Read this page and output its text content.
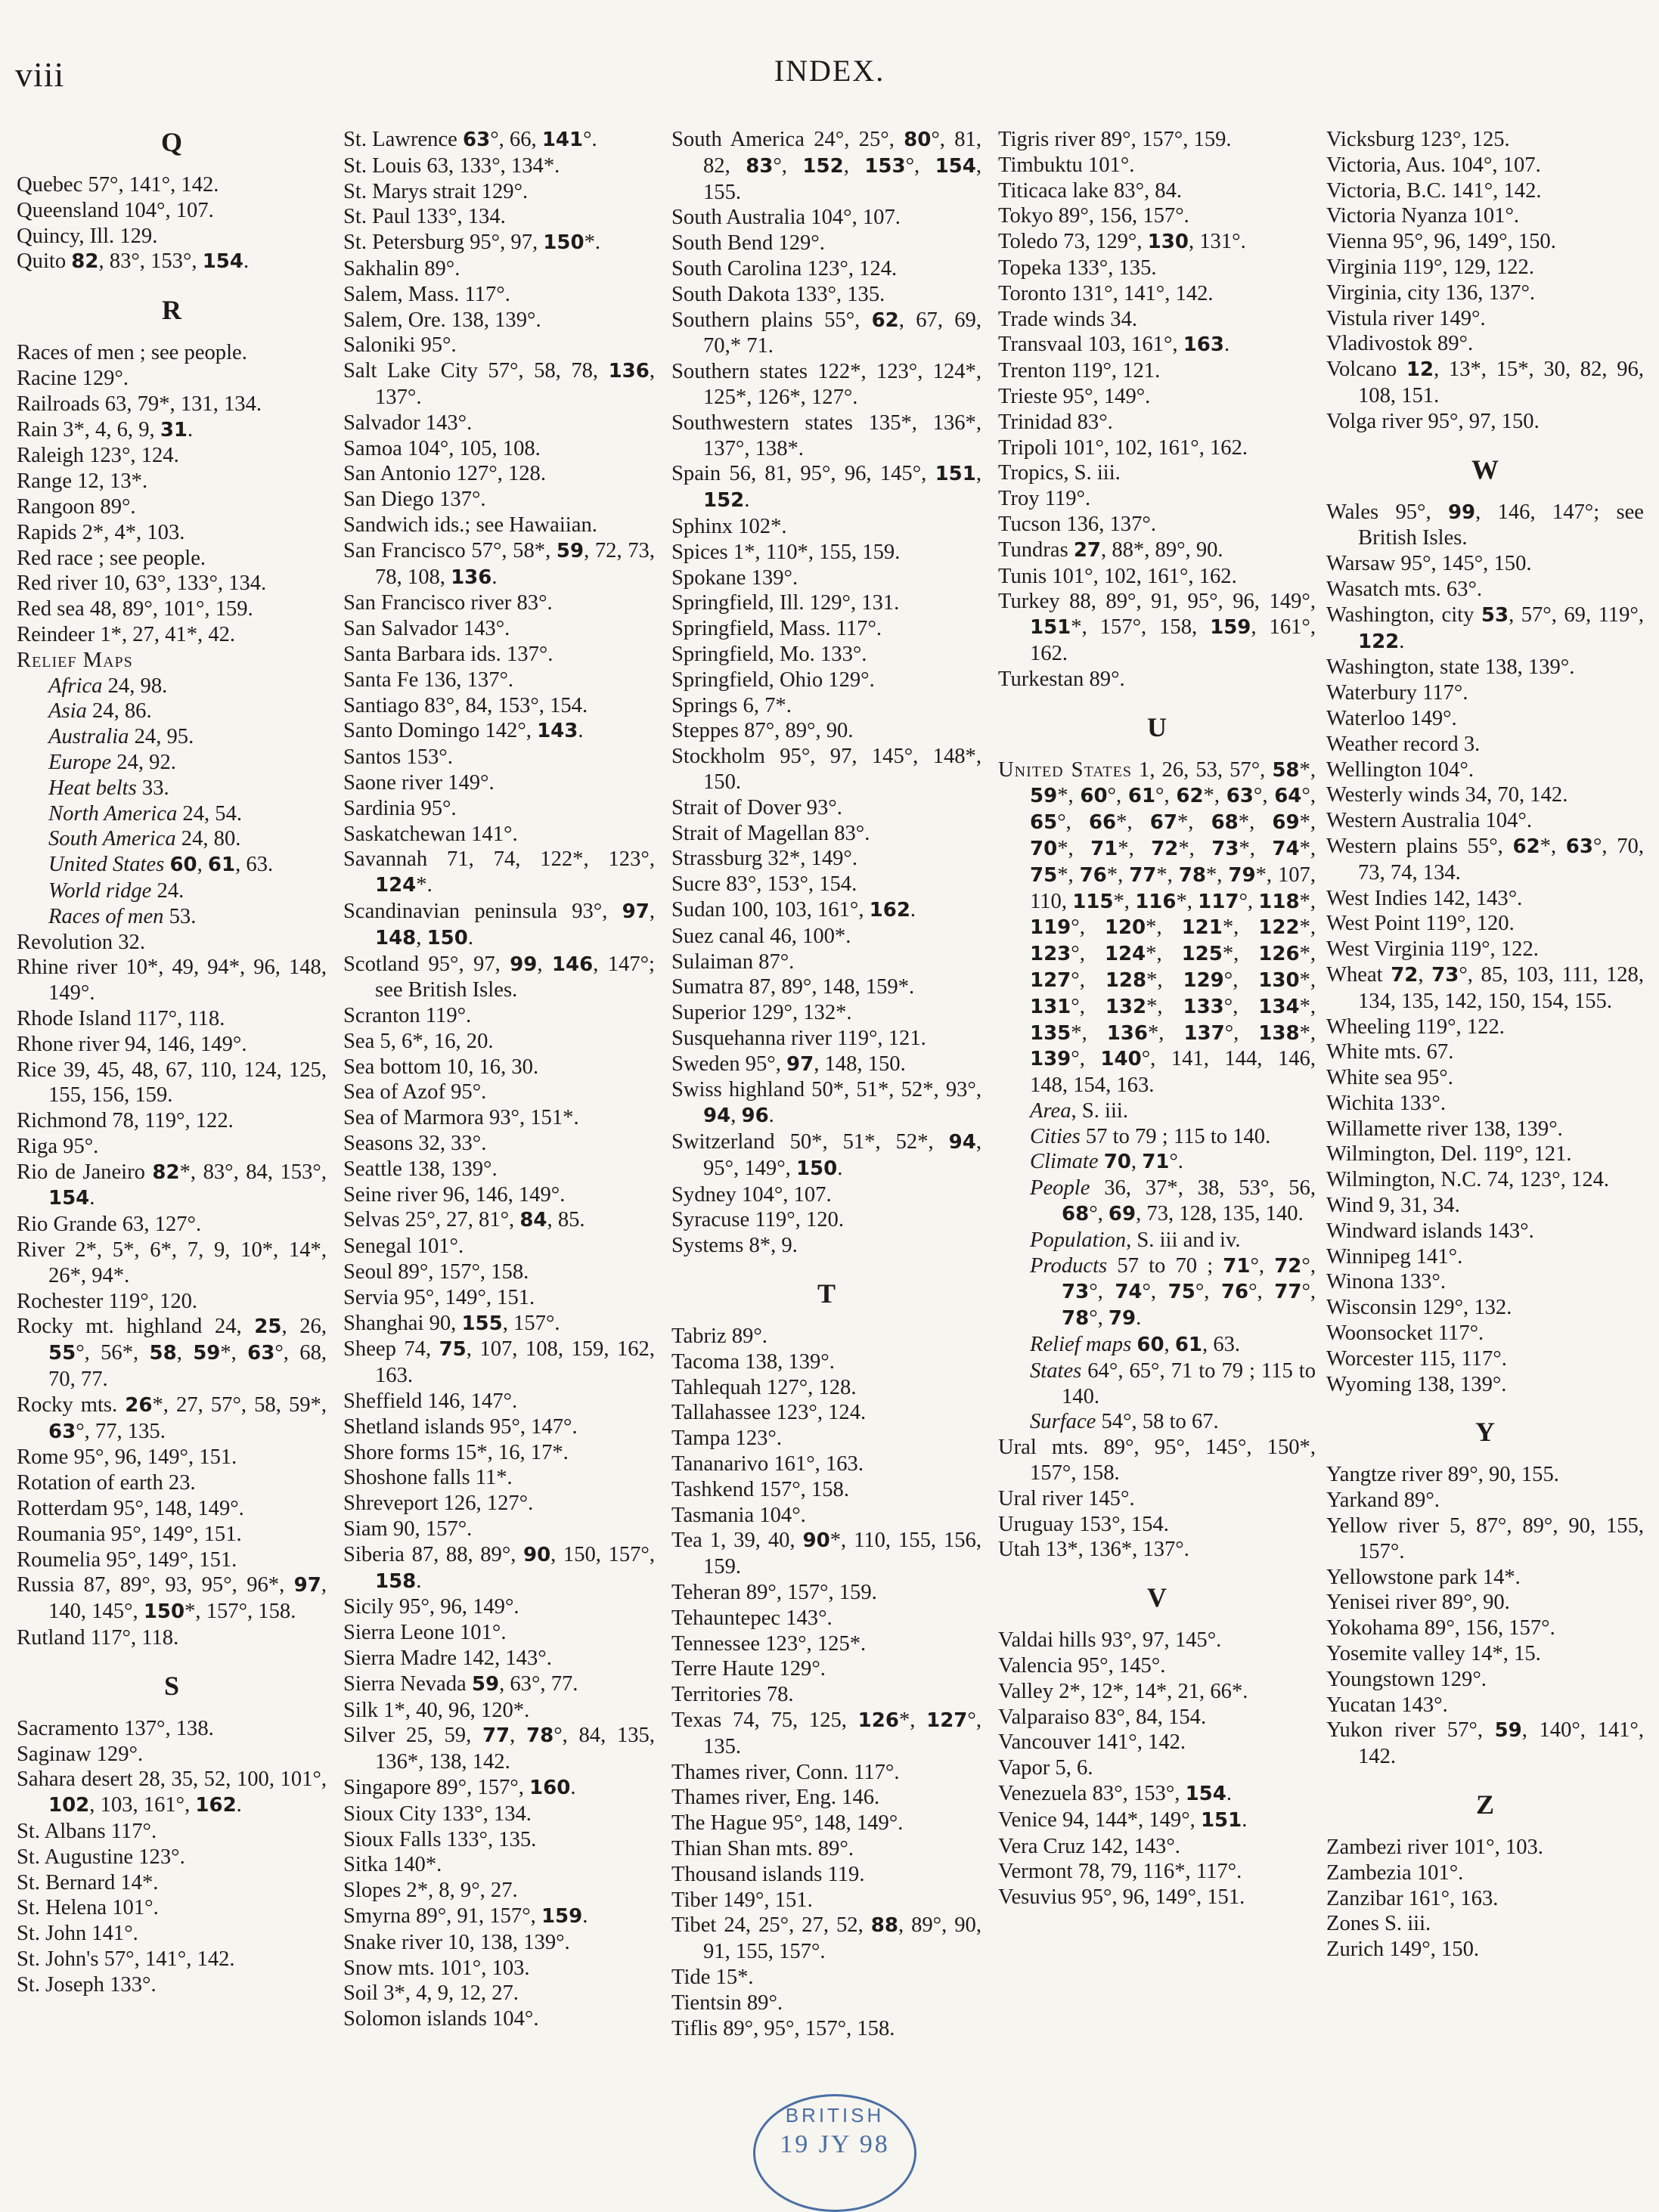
viii	INDEX.
Q
Quebec 57°, 141°, 142.
Queensland 104°, 107.
Quincy, Ill. 129.
Quito 82, 83°, 153°, 154.
R
Races of men ; see people.
Racine 129°.
Railroads 63, 79*, 131, 134.
Rain 3*, 4, 6, 9, 31.
Raleigh 123°, 124.
Range 12, 13*.
Rangoon 89°.
Rapids 2*, 4*, 103.
Red race ; see people.
Red river 10, 63°, 133°, 134.
Red sea 48, 89°, 101°, 159.
Reindeer 1*, 27, 41*, 42.
Relief Maps
Africa 24, 98.
Asia 24, 86.
Australia 24, 95.
Europe 24, 92.
Heat belts 33.
North America 24, 54.
South America 24, 80.
United States 60, 61, 63.
World ridge 24.
Races of men 53.
Revolution 32.
Rhine river 10*, 49, 94*, 96, 148, 149°.
Rhode Island 117°, 118.
Rhone river 94, 146, 149°.
Rice 39, 45, 48, 67, 110, 124, 125, 155, 156, 159.
Richmond 78, 119°, 122.
Riga 95°.
Rio de Janeiro 82*, 83°, 84, 153°, 154.
Rio Grande 63, 127°.
River 2*, 5*, 6*, 7, 9, 10*, 14*, 26*, 94*.
Rochester 119°, 120.
Rocky mt. highland 24, 25, 26, 55°, 56*, 58, 59*, 63°, 68, 70, 77.
Rocky mts. 26*, 27, 57°, 58, 59*, 63°, 77, 135.
Rome 95°, 96, 149°, 151.
Rotation of earth 23.
Rotterdam 95°, 148, 149°.
Roumania 95°, 149°, 151.
Roumelia 95°, 149°, 151.
Russia 87, 89°, 93, 95°, 96*, 97, 140, 145°, 150*, 157°, 158.
Rutland 117°, 118.
S
Sacramento 137°, 138.
Saginaw 129°.
Sahara desert 28, 35, 52, 100, 101°, 102, 103, 161°, 162.
St. Albans 117°.
St. Augustine 123°.
St. Bernard 14*.
St. Helena 101°.
St. John 141°.
St. John's 57°, 141°, 142.
St. Joseph 133°.
St. Lawrence 63°, 66, 141°.
St. Louis 63, 133°, 134*.
St. Marys strait 129°.
St. Paul 133°, 134.
St. Petersburg 95°, 97, 150*.
Sakhalin 89°.
Salem, Mass. 117°.
Salem, Ore. 138, 139°.
Saloniki 95°.
Salt Lake City 57°, 58, 78, 136, 137°.
Salvador 143°.
Samoa 104°, 105, 108.
San Antonio 127°, 128.
San Diego 137°.
Sandwich ids.; see Hawaiian.
San Francisco 57°, 58*, 59, 72, 73, 78, 108, 136.
San Francisco river 83°.
San Salvador 143°.
Santa Barbara ids. 137°.
Santa Fe 136, 137°.
Santiago 83°, 84, 153°, 154.
Santo Domingo 142°, 143.
Santos 153°.
Saone river 149°.
Sardinia 95°.
Saskatchewan 141°.
Savannah 71, 74, 122*, 123°, 124*.
Scandinavian peninsula 93°, 97, 148, 150.
Scotland 95°, 97, 99, 146, 147°; see British Isles.
Scranton 119°.
Sea 5, 6*, 16, 20.
Sea bottom 10, 16, 30.
Sea of Azof 95°.
Sea of Marmora 93°, 151*.
Seasons 32, 33°.
Seattle 138, 139°.
Seine river 96, 146, 149°.
Selvas 25°, 27, 81°, 84, 85.
Senegal 101°.
Seoul 89°, 157°, 158.
Servia 95°, 149°, 151.
Shanghai 90, 155, 157°.
Sheep 74, 75, 107, 108, 159, 162, 163.
Sheffield 146, 147°.
Shetland islands 95°, 147°.
Shore forms 15*, 16, 17*.
Shoshone falls 11*.
Shreveport 126, 127°.
Siam 90, 157°.
Siberia 87, 88, 89°, 90, 150, 157°, 158.
Sicily 95°, 96, 149°.
Sierra Leone 101°.
Sierra Madre 142, 143°.
Sierra Nevada 59, 63°, 77.
Silk 1*, 40, 96, 120*.
Silver 25, 59, 77, 78°, 84, 135, 136*, 138, 142.
Singapore 89°, 157°, 160.
Sioux City 133°, 134.
Sioux Falls 133°, 135.
Sitka 140*.
Slopes 2*, 8, 9°, 27.
Smyrna 89°, 91, 157°, 159.
Snake river 10, 138, 139°.
Snow mts. 101°, 103.
Soil 3*, 4, 9, 12, 27.
Solomon islands 104°.
South America 24°, 25°, 80°, 81, 82, 83°, 152, 153°, 154, 155.
South Australia 104°, 107.
South Bend 129°.
South Carolina 123°, 124.
South Dakota 133°, 135.
Southern plains 55°, 62, 67, 69, 70,* 71.
Southern states 122*, 123°, 124*, 125*, 126*, 127°.
Southwestern states 135*, 136*, 137°, 138*.
Spain 56, 81, 95°, 96, 145°, 151, 152.
Sphinx 102*.
Spices 1*, 110*, 155, 159.
Spokane 139°.
Springfield, Ill. 129°, 131.
Springfield, Mass. 117°.
Springfield, Mo. 133°.
Springfield, Ohio 129°.
Springs 6, 7*.
Steppes 87°, 89°, 90.
Stockholm 95°, 97, 145°, 148*, 150.
Strait of Dover 93°.
Strait of Magellan 83°.
Strassburg 32*, 149°.
Sucre 83°, 153°, 154.
Sudan 100, 103, 161°, 162.
Suez canal 46, 100*.
Sulaiman 87°.
Sumatra 87, 89°, 148, 159*.
Superior 129°, 132*.
Susquehanna river 119°, 121.
Sweden 95°, 97, 148, 150.
Swiss highland 50*, 51*, 52*, 93°, 94, 96.
Switzerland 50*, 51*, 52*, 94, 95°, 149°, 150.
Sydney 104°, 107.
Syracuse 119°, 120.
Systems 8*, 9.
T
Tabriz 89°.
Tacoma 138, 139°.
Tahlequah 127°, 128.
Tallahassee 123°, 124.
Tampa 123°.
Tananarivo 161°, 163.
Tashkend 157°, 158.
Tasmania 104°.
Tea 1, 39, 40, 90*, 110, 155, 156, 159.
Teheran 89°, 157°, 159.
Tehauntepec 143°.
Tennessee 123°, 125*.
Terre Haute 129°.
Territories 78.
Texas 74, 75, 125, 126*, 127°, 135.
Thames river, Conn. 117°.
Thames river, Eng. 146.
The Hague 95°, 148, 149°.
Thian Shan mts. 89°.
Thousand islands 119.
Tiber 149°, 151.
Tibet 24, 25°, 27, 52, 88, 89°, 90, 91, 155, 157°.
Tide 15*.
Tientsin 89°.
Tiflis 89°, 95°, 157°, 158.
Tigris river 89°, 157°, 159.
Timbuktu 101°.
Titicaca lake 83°, 84.
Tokyo 89°, 156, 157°.
Toledo 73, 129°, 130, 131°.
Topeka 133°, 135.
Toronto 131°, 141°, 142.
Trade winds 34.
Transvaal 103, 161°, 163.
Trenton 119°, 121.
Trieste 95°, 149°.
Trinidad 83°.
Tripoli 101°, 102, 161°, 162.
Tropics, S. iii.
Troy 119°.
Tucson 136, 137°.
Tundras 27, 88*, 89°, 90.
Tunis 101°, 102, 161°, 162.
Turkey 88, 89°, 91, 95°, 96, 149°, 151*, 157°, 158, 159, 161°, 162.
Turkestan 89°.
U
United States 1, 26, 53, 57°, 58*, 59*, 60°, 61°, 62*, 63°, 64°, 65°, 66*, 67*, 68*, 69*, 70*, 71*, 72*, 73*, 74*, 75*, 76*, 77*, 78*, 79*, 107, 110, 115*, 116*, 117°, 118*, 119°, 120*, 121*, 122*, 123°, 124*, 125*, 126*, 127°, 128*, 129°, 130*, 131°, 132*, 133°, 134*, 135*, 136*, 137°, 138*, 139°, 140°, 141, 144, 146, 148, 154, 163.
Area, S. iii.
Cities 57 to 79 ; 115 to 140.
Climate 70, 71°.
People 36, 37*, 38, 53°, 56, 68°, 69, 73, 128, 135, 140.
Population, S. iii and iv.
Products 57 to 70 ; 71°, 72°, 73°, 74°, 75°, 76°, 77°, 78°, 79.
Relief maps 60, 61, 63.
States 64°, 65°, 71 to 79 ; 115 to 140.
Surface 54°, 58 to 67.
Ural mts. 89°, 95°, 145°, 150*, 157°, 158.
Ural river 145°.
Uruguay 153°, 154.
Utah 13*, 136*, 137°.
V
Valdai hills 93°, 97, 145°.
Valencia 95°, 145°.
Valley 2*, 12*, 14*, 21, 66*.
Valparaiso 83°, 84, 154.
Vancouver 141°, 142.
Vapor 5, 6.
Venezuela 83°, 153°, 154.
Venice 94, 144*, 149°, 151.
Vera Cruz 142, 143°.
Vermont 78, 79, 116*, 117°.
Vesuvius 95°, 96, 149°, 151.
Vicksburg 123°, 125.
Victoria, Aus. 104°, 107.
Victoria, B.C. 141°, 142.
Victoria Nyanza 101°.
Vienna 95°, 96, 149°, 150.
Virginia 119°, 129, 122.
Virginia, city 136, 137°.
Vistula river 149°.
Vladivostok 89°.
Volcano 12, 13*, 15*, 30, 82, 96, 108, 151.
Volga river 95°, 97, 150.
W
Wales 95°, 99, 146, 147°; see British Isles.
Warsaw 95°, 145°, 150.
Wasatch mts. 63°.
Washington, city 53, 57°, 69, 119°, 122.
Washington, state 138, 139°.
Waterbury 117°.
Waterloo 149°.
Weather record 3.
Wellington 104°.
Westerly winds 34, 70, 142.
Western Australia 104°.
Western plains 55°, 62*, 63°, 70, 73, 74, 134.
West Indies 142, 143°.
West Point 119°, 120.
West Virginia 119°, 122.
Wheat 72, 73°, 85, 103, 111, 128, 134, 135, 142, 150, 154, 155.
Wheeling 119°, 122.
White mts. 67.
White sea 95°.
Wichita 133°.
Willamette river 138, 139°.
Wilmington, Del. 119°, 121.
Wilmington, N.C. 74, 123°, 124.
Wind 9, 31, 34.
Windward islands 143°.
Winnipeg 141°.
Winona 133°.
Wisconsin 129°, 132.
Woonsocket 117°.
Worcester 115, 117°.
Wyoming 138, 139°.
Y
Yangtze river 89°, 90, 155.
Yarkand 89°.
Yellow river 5, 87°, 89°, 90, 155, 157°.
Yellowstone park 14*.
Yenisei river 89°, 90.
Yokohama 89°, 156, 157°.
Yosemite valley 14*, 15.
Youngstown 129°.
Yucatan 143°.
Yukon river 57°, 59, 140°, 141°, 142.
Z
Zambezi river 101°, 103.
Zambezia 101°.
Zanzibar 161°, 163.
Zones S. iii.
Zurich 149°, 150.
BRITISH
19 JY 98
